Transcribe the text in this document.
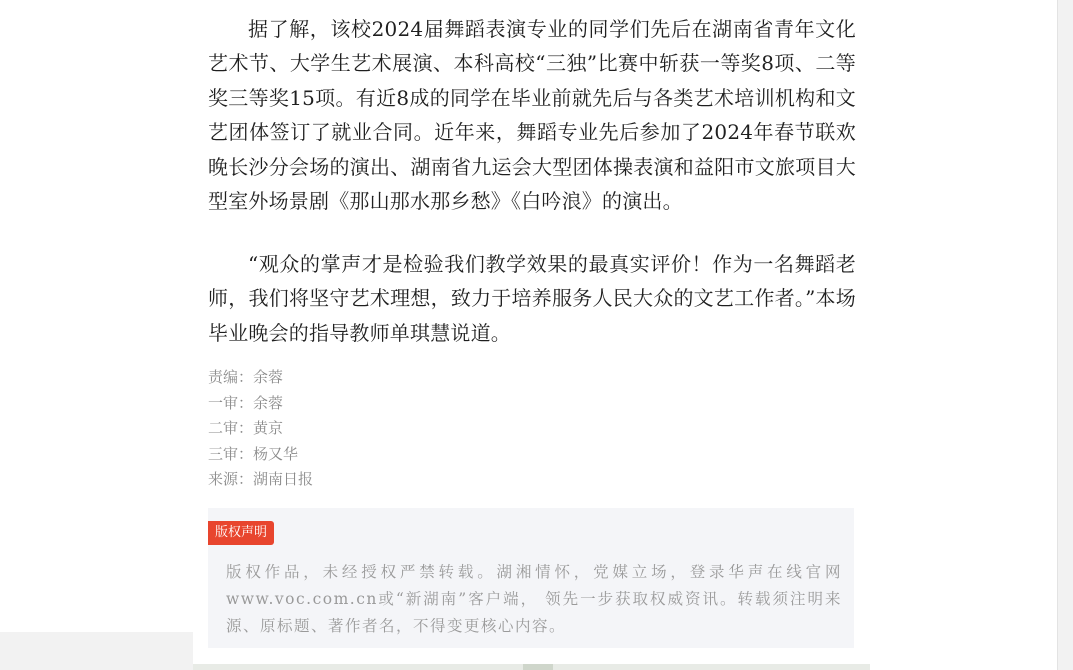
据了解，该校2024届舞蹈表演专业的同学们先后在湖南省青年文化艺术节、大学生艺术展演、本科高校“三独”比赛中斩获一等奖8项、二等奖三等奖15项。有近8成的同学在毕业前就先后与各类艺术培训机构和文艺团体签订了就业合同。近年来，舞蹈专业先后参加了2024年春节联欢晚长沙分会场的演出、湖南省九运会大型团体操表演和益阳市文旅项目大型室外场景剧《那山那水那乡愁》《白吟浪》的演出。

“观众的掌声才是检验我们教学效果的最真实评价！作为一名舞蹈老师，我们将坚守艺术理想，致力于培养服务人民大众的文艺工作者。”本场毕业晚会的指导教师单琪慧说道。

责编：余蓉
一审：余蓉
二审：黄京
三审：杨又华
来源：湖南日报
版权声明
版权作品，未经授权严禁转载。湖湘情怀，党媒立场，登录华声在线官网www.voc.com.cn或“新湖南”客户端， 领先一步获取权威资讯。转载须注明来源、原标题、著作者名，不得变更核心内容。
